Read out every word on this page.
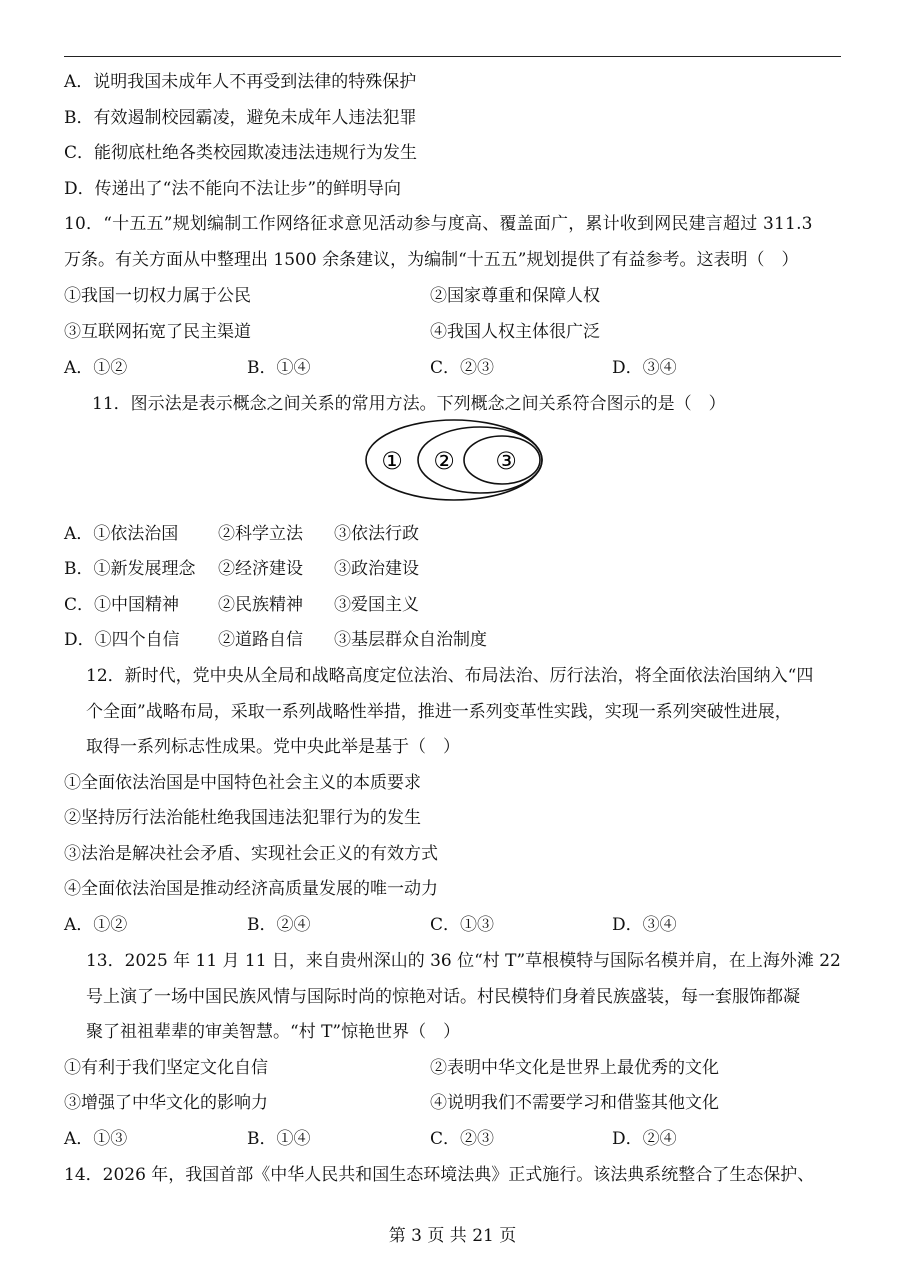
A．说明我国未成年人不再受到法律的特殊保护
B．有效遏制校园霸凌，避免未成年人违法犯罪
C．能彻底杜绝各类校园欺凌违法违规行为发生
D．传递出了“法不能向不法让步”的鲜明导向
10．“十五五”规划编制工作网络征求意见活动参与度高、覆盖面广，累计收到网民建言超过 311.3
万条。有关方面从中整理出 1500 余条建议，为编制“十五五”规划提供了有益参考。这表明（　）
①我国一切权力属于公民	②国家尊重和保障人权
③互联网拓宽了民主渠道	④我国人权主体很广泛
A．①②	B．①④	C．②③	D．③④
11．图示法是表示概念之间关系的常用方法。下列概念之间关系符合图示的是（　）
① ② ③
A．①依法治国 ②科学立法 ③依法行政
B．①新发展理念 ②经济建设 ③政治建设
C．①中国精神 ②民族精神 ③爱国主义
D．①四个自信 ②道路自信 ③基层群众自治制度
12．新时代，党中央从全局和战略高度定位法治、布局法治、厉行法治，将全面依法治国纳入“四
个全面”战略布局，采取一系列战略性举措，推进一系列变革性实践，实现一系列突破性进展，
取得一系列标志性成果。党中央此举是基于（　）
①全面依法治国是中国特色社会主义的本质要求
②坚持厉行法治能杜绝我国违法犯罪行为的发生
③法治是解决社会矛盾、实现社会正义的有效方式
④全面依法治国是推动经济高质量发展的唯一动力
A．①②	B．②④	C．①③	D．③④
13．2025 年 11 月 11 日，来自贵州深山的 36 位“村 T”草根模特与国际名模并肩，在上海外滩 22
号上演了一场中国民族风情与国际时尚的惊艳对话。村民模特们身着民族盛装，每一套服饰都凝
聚了祖祖辈辈的审美智慧。“村 T”惊艳世界（　）
①有利于我们坚定文化自信	②表明中华文化是世界上最优秀的文化
③增强了中华文化的影响力	④说明我们不需要学习和借鉴其他文化
A．①③	B．①④	C．②③	D．②④
14．2026 年，我国首部《中华人民共和国生态环境法典》正式施行。该法典系统整合了生态保护、
第 3 页 共 21 页
